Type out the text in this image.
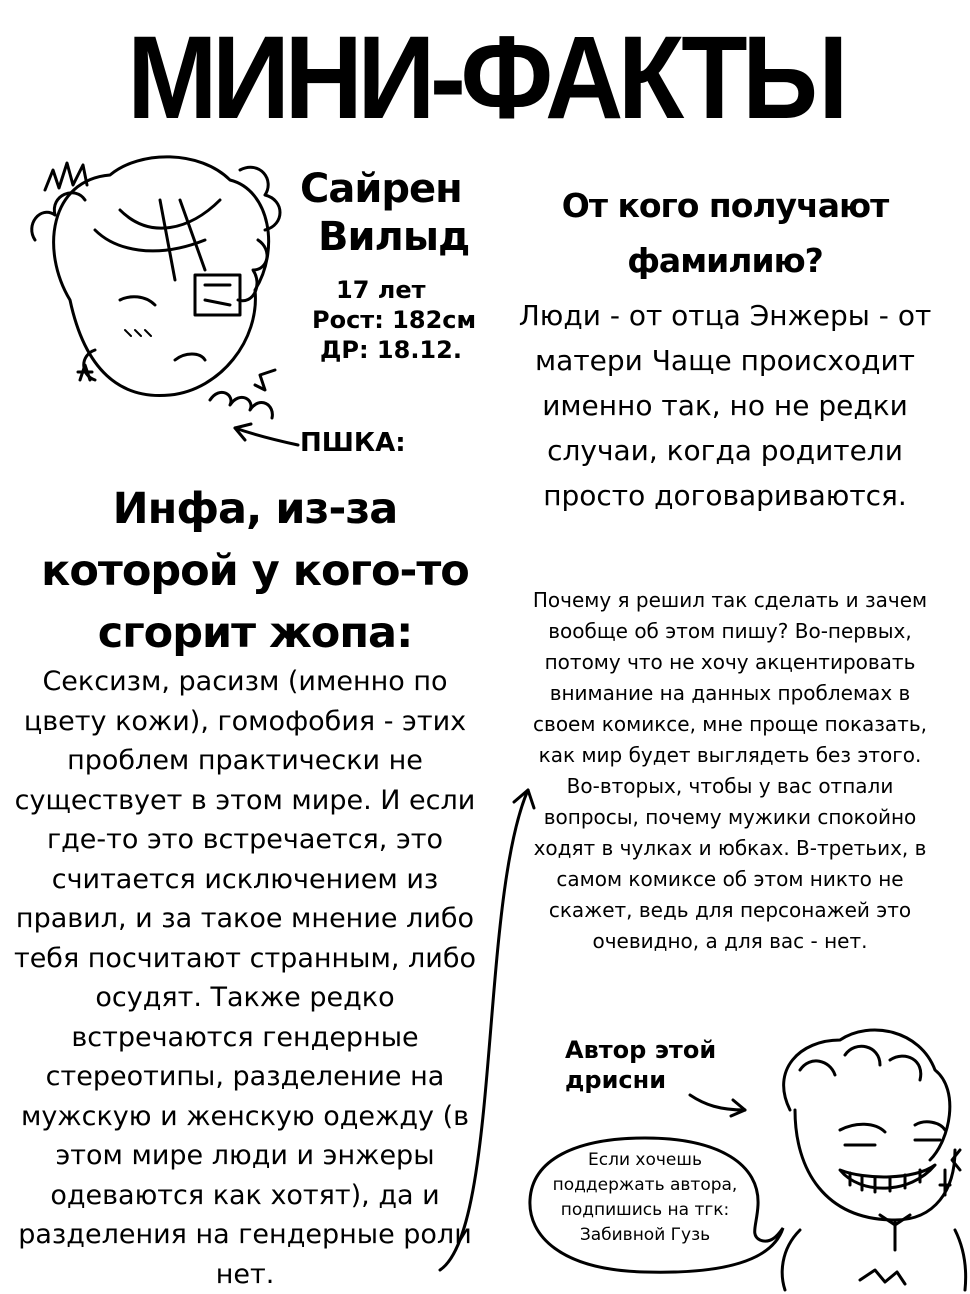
МИНИ-ФАКТЫ
Сайрен
Вилыд
17 лет
Рост: 182см
ДР: 18.12.
ПШКА:
Инфа, из-за которой у кого-то сгорит жопа:
Сексизм, расизм (именно по цвету кожи), гомофобия - этих проблем практически не существует в этом мире. И если где-то это встречается, это считается исключением из правил, и за такое мнение либо тебя посчитают странным, либо осудят. Также редко встречаются гендерные стереотипы, разделение на мужскую и женскую одежду (в этом мире люди и энжеры одеваются как хотят), да и разделения на гендерные роли нет.
От кого получают фамилию?
Люди - от отца Энжеры - от матери Чаще происходит именно так, но не редки случаи, когда родители просто договариваются.
Почему я решил так сделать и зачем вообще об этом пишу? Во-первых, потому что не хочу акцентировать внимание на данных проблемах в своем комиксе, мне проще показать, как мир будет выглядеть без этого. Во-вторых, чтобы у вас отпали вопросы, почему мужики спокойно ходят в чулках и юбках. В-третьих, в самом комиксе об этом никто не скажет, ведь для персонажей это очевидно, а для вас - нет.
Автор этой дрисни
Если хочешь поддержать автора, подпишись на тгк: Забивной Гузь
